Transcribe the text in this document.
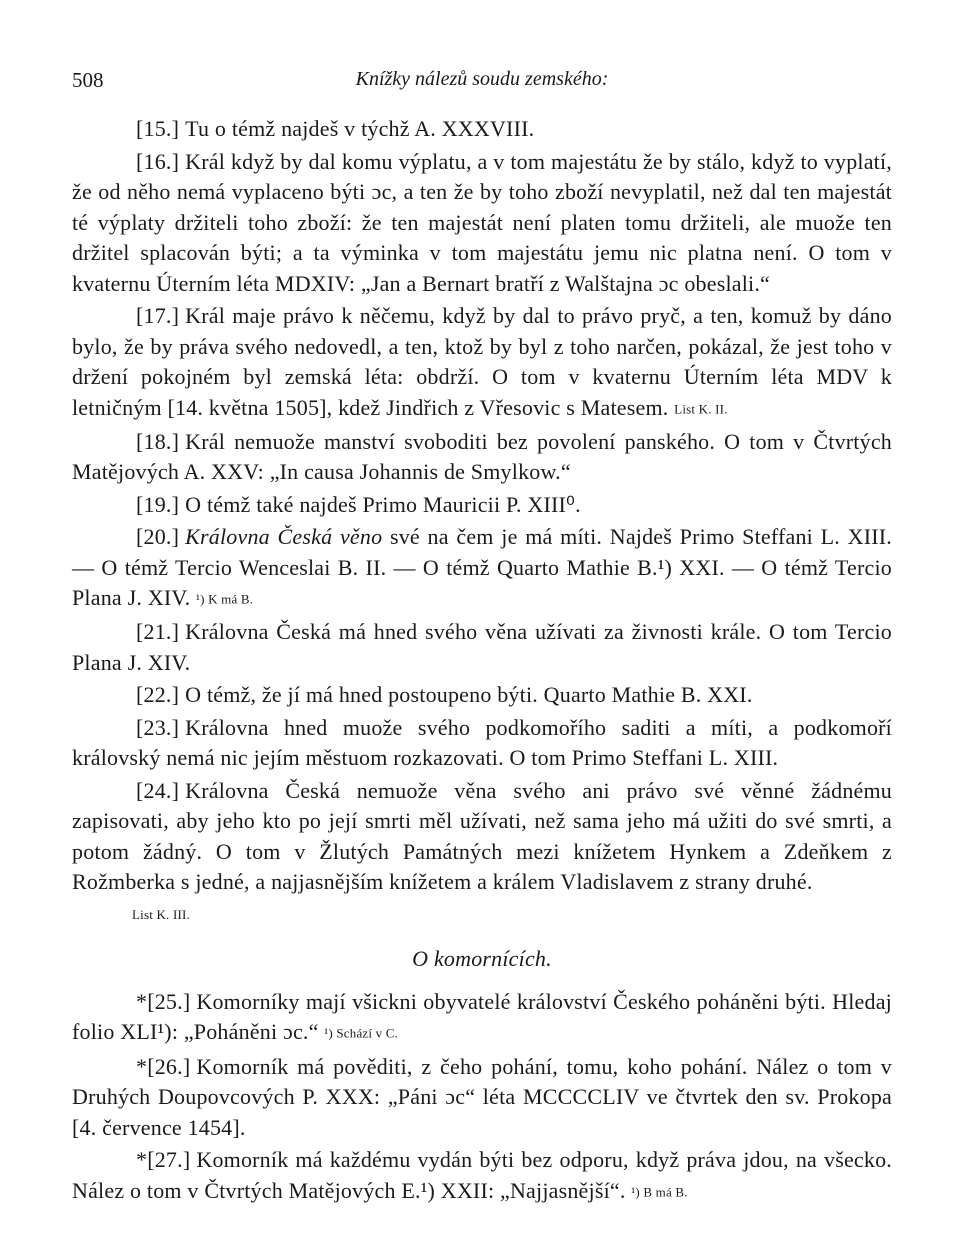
508	Knížky nálezů soudu zemského:

[15.] Tu o témž najdeš v týchž A. XXXVIII.

[16.] Král když by dal komu výplatu, a v tom majestátu že by stálo, když to vyplatí, že od něho nemá vyplaceno býti ɔc, a ten že by toho zboží nevyplatil, než dal ten majestát té výplaty držiteli toho zboží: že ten majestát není platen tomu držiteli, ale muože ten držitel splacován býti; a ta výminka v tom majestátu jemu nic platna není. O tom v kvaternu Úterním léta MDXIV: „Jan a Bernart bratří z Walštajna ɔc obeslali.“

[17.] Král maje právo k něčemu, když by dal to právo pryč, a ten, komuž by dáno bylo, že by práva svého nedovedl, a ten, ktož by byl z toho narčen, pokázal, že jest toho v držení pokojném byl zemská léta: obdrží. O tom v kvaternu Úterním léta MDV k letničným [14. května 1505], kdež Jindřich z Vřesovic s Matesem. List K. II.

[18.] Král nemuože manství svoboditi bez povolení panského. O tom v Čtvrtých Matějových A. XXV: „In causa Johannis de Smylkow.“

[19.] O témž také najdeš Primo Mauricii P. XIII⁰.

[20.] Královna Česká věno své na čem je má míti. Najdeš Primo Steffani L. XIII. — O témž Tercio Wenceslai B. II. — O témž Quarto Mathie B.¹) XXI. — O témž Tercio Plana J. XIV. ¹) K má B.

[21.] Královna Česká má hned svého věna užívati za živnosti krále. O tom Tercio Plana J. XIV.

[22.] O témž, že jí má hned postoupeno býti. Quarto Mathie B. XXI.

[23.] Královna hned muože svého podkomořího saditi a míti, a podkomoří královský nemá nic jejím městuom rozkazovati. O tom Primo Steffani L. XIII.

[24.] Královna Česká nemuože věna svého ani právo své věnné žádnému zapisovati, aby jeho kto po její smrti měl užívati, než sama jeho má užiti do své smrti, a potom žádný. O tom v Žlutých Památných mezi knížetem Hynkem a Zdeňkem z Rožmberka s jedné, a najjasnějším knížetem a králem Vladislavem z strany druhé.

List K. III.
O komornících.

*[25.] Komorníky mají všickni obyvatelé království Českého poháněni býti. Hledaj folio XLI¹): „Poháněni ɔc.“ ¹) Schází v C.

*[26.] Komorník má pověditi, z čeho pohání, tomu, koho pohání. Nález o tom v Druhých Doupovcových P. XXX: „Páni ɔc“ léta MCCCCLIV ve čtvrtek den sv. Prokopa [4. července 1454].

*[27.] Komorník má každému vydán býti bez odporu, když práva jdou, na všecko. Nález o tom v Čtvrtých Matějových E.¹) XXII: „Najjasnější“. ¹) B má B.
